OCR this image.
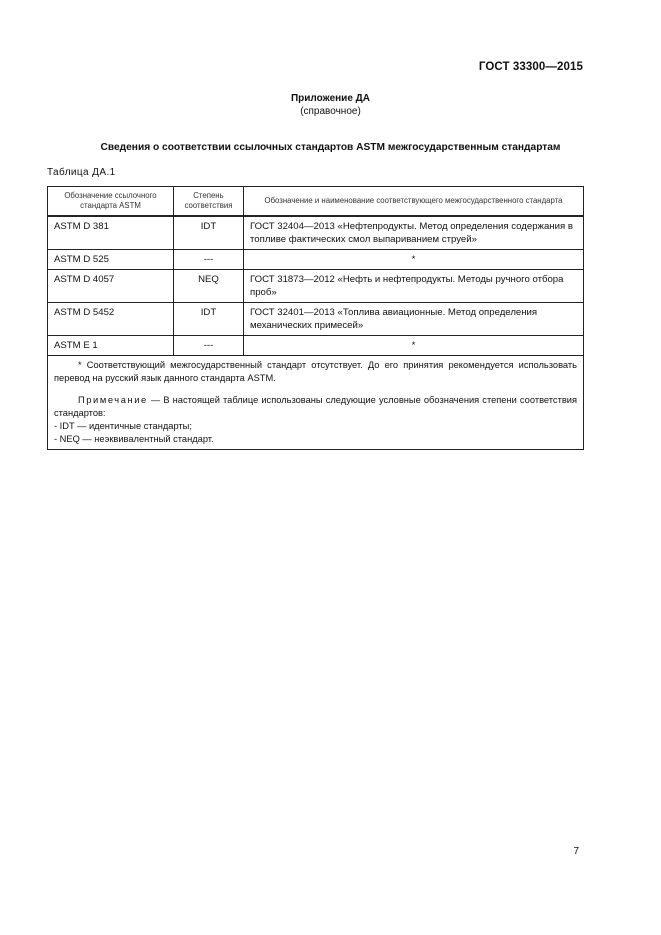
ГОСТ 33300—2015
Приложение ДА
(справочное)
Сведения о соответствии ссылочных стандартов ASTM межгосударственным стандартам
Таблица ДА.1
Обозначение ссылочного стандарта ASTM	Степень соответствия	Обозначение и наименование соответствующего межгосударственного стандарта
ASTM D 381	IDT	ГОСТ 32404—2013 «Нефтепродукты. Метод определения содержания в топливе фактических смол выпариванием струей»
ASTM D 525	---	*
ASTM D 4057	NEQ	ГОСТ 31873—2012 «Нефть и нефтепродукты. Методы ручного отбора проб»
ASTM D 5452	IDT	ГОСТ 32401—2013 «Топлива авиационные. Метод определения механических примесей»
ASTM E 1	---	*

* Соответствующий межгосударственный стандарт отсутствует. До его принятия рекомендуется использовать перевод на русский язык данного стандарта ASTM.

Примечание — В настоящей таблице использованы следующие условные обозначения степени соответствия стандартов:

- IDT — идентичные стандарты;

- NEQ — неэквивалентный стандарт.		

7
